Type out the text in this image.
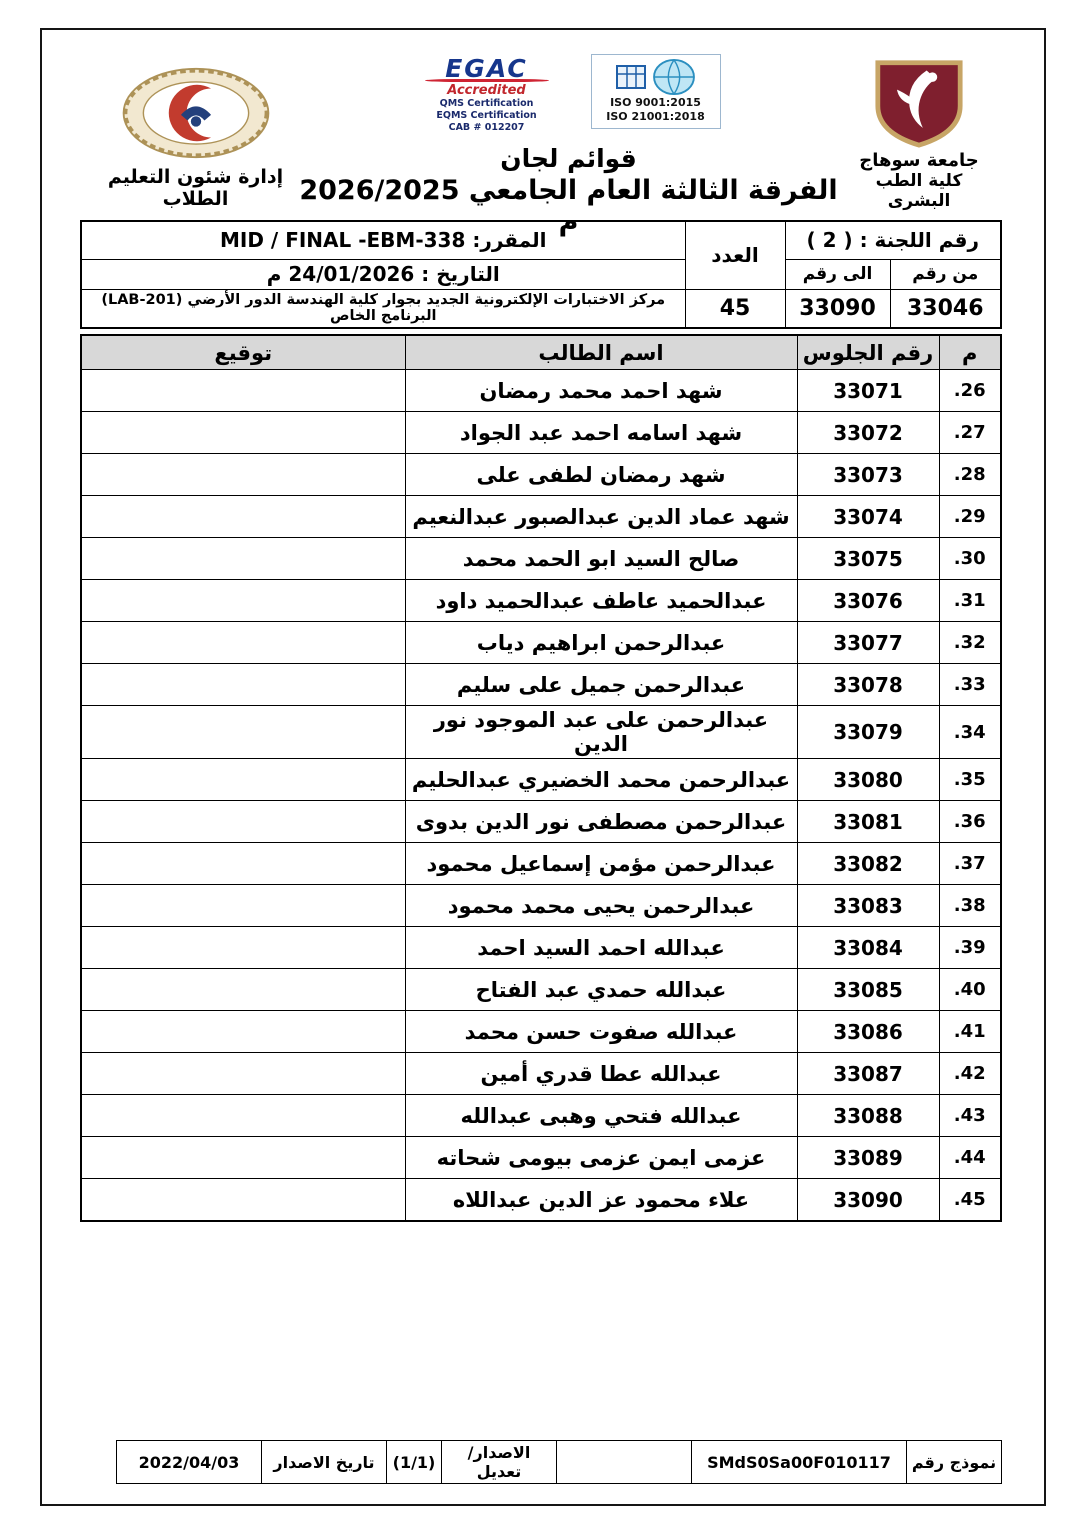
جامعة سوهاج
كلية الطب البشرى
EGAC
Accredited
QMS Certification
EQMS Certification
CAB # 012207
ISO 9001:2015
ISO 21001:2018
قوائم لجان
الفرقة الثالثة العام الجامعي 2026/2025 م
إدارة شئون التعليم الطلاب
رقم اللجنة : ( 2 )		العدد	المقرر: MID / FINAL -EBM-338
من رقم	الى رقم		التاريخ : 24/01/2026 م
33046	33090	45	مركز الاختبارات الإلكترونية الجديد بجوار كلية الهندسة الدور الأرضي (LAB-201)
البرنامج الخاص
م	رقم الجلوس	اسم الطالب	توقيع
26.	33071	شهد احمد محمد رمضان	
27.	33072	شهد اسامه احمد عبد الجواد	
28.	33073	شهد رمضان لطفى على	
29.	33074	شهد عماد الدين عبدالصبور عبدالنعيم	
30.	33075	صالح السيد ابو الحمد محمد	
31.	33076	عبدالحميد عاطف عبدالحميد داود	
32.	33077	عبدالرحمن ابراهيم دياب	
33.	33078	عبدالرحمن جميل على سليم	
34.	33079	عبدالرحمن على عبد الموجود نور الدين	
35.	33080	عبدالرحمن محمد الخضيري عبدالحليم	
36.	33081	عبدالرحمن مصطفى نور الدين بدوى	
37.	33082	عبدالرحمن مؤمن إسماعيل محمود	
38.	33083	عبدالرحمن يحيى محمد محمود	
39.	33084	عبدالله احمد السيد احمد	
40.	33085	عبدالله حمدي عبد الفتاح	
41.	33086	عبدالله صفوت حسن محمد	
42.	33087	عبدالله عطا قدري أمين	
43.	33088	عبدالله فتحي وهبى عبدالله	
44.	33089	عزمى ايمن عزمى بيومى شحاته	
45.	33090	علاء محمود عز الدين عبداللاه	
نموذج رقم	SMdS0Sa00F010117		الاصدار/تعديل	(1/1)	تاريخ الاصدار	2022/04/03
